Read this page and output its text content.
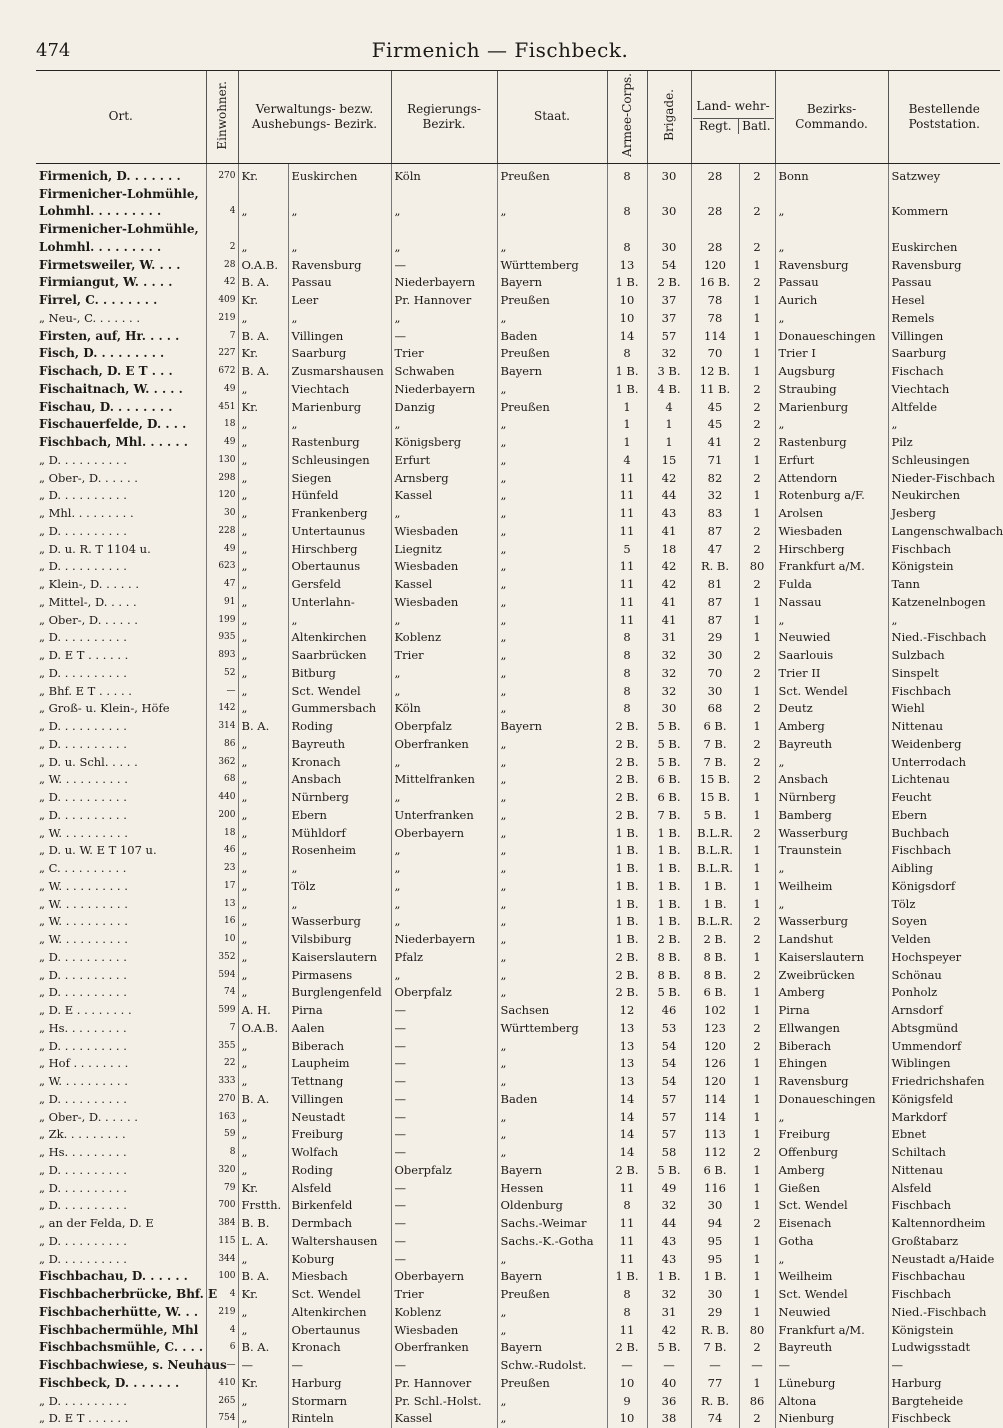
474	Firmenich — Fischbeck.
Ort.	Einwohner.	Verwaltungs- bezw. Aushebungs- Bezirk.		Regierungs- Bezirk.	Staat.	Armee-Corps.	Brigade.	Land- wehr-
Regt. Batl.		Bezirks- Commando.	Bestellende Poststation.
Firmenich, D. . . . . . .	270	Kr.	Euskirchen	Köln	Preußen	8	30	28	2	Bonn	Satzwey
Firmenicher-Lohmühle,											
Lohmhl. . . . . . . . .	4	„	„	„	„	8	30	28	2	„	Kommern
Firmenicher-Lohmühle,											
Lohmhl. . . . . . . . .	2	„	„	„	„	8	30	28	2	„	Euskirchen
Firmetsweiler, W. . . .	28	O.A.B.	Ravensburg	—	Württemberg	13	54	120	1	Ravensburg	Ravensburg
Firmiangut, W. . . . .	42	B. A.	Passau	Niederbayern	Bayern	1 B.	2 B.	16 B.	2	Passau	Passau
Firrel, C. . . . . . . .	409	Kr.	Leer	Pr. Hannover	Preußen	10	37	78	1	Aurich	Hesel
„ Neu-, C. . . . . . .	219	„	„	„	„	10	37	78	1	„	Remels
Firsten, auf, Hr. . . . .	7	B. A.	Villingen	—	Baden	14	57	114	1	Donaueschingen	Villingen
Fisch, D. . . . . . . . .	227	Kr.	Saarburg	Trier	Preußen	8	32	70	1	Trier I	Saarburg
Fischach, D. E T . . .	672	B. A.	Zusmarshausen	Schwaben	Bayern	1 B.	3 B.	12 B.	1	Augsburg	Fischach
Fischaitnach, W. . . . .	49	„	Viechtach	Niederbayern	„	1 B.	4 B.	11 B.	2	Straubing	Viechtach
Fischau, D. . . . . . . .	451	Kr.	Marienburg	Danzig	Preußen	1	4	45	2	Marienburg	Altfelde
Fischauerfelde, D. . . .	18	„	„	„	„	1	1	45	2	„	„
Fischbach, Mhl. . . . . .	49	„	Rastenburg	Königsberg	„	1	1	41	2	Rastenburg	Pilz
„ D. . . . . . . . . .	130	„	Schleusingen	Erfurt	„	4	15	71	1	Erfurt	Schleusingen
„ Ober-, D. . . . . .	298	„	Siegen	Arnsberg	„	11	42	82	2	Attendorn	Nieder-Fischbach
„ D. . . . . . . . . .	120	„	Hünfeld	Kassel	„	11	44	32	1	Rotenburg a/F.	Neukirchen
„ Mhl. . . . . . . . .	30	„	Frankenberg	„	„	11	43	83	1	Arolsen	Jesberg
„ D. . . . . . . . . .	228	„	Untertaunus	Wiesbaden	„	11	41	87	2	Wiesbaden	Langenschwalbach
„ D. u. R. T 1104 u.	49	„	Hirschberg	Liegnitz	„	5	18	47	2	Hirschberg	Fischbach
„ D. . . . . . . . . .	623	„	Obertaunus	Wiesbaden	„	11	42	R. B.	80	Frankfurt a/M.	Königstein
„ Klein-, D. . . . . .	47	„	Gersfeld	Kassel	„	11	42	81	2	Fulda	Tann
„ Mittel-, D. . . . .	91	„	Unterlahn-	Wiesbaden	„	11	41	87	1	Nassau	Katzenelnbogen
„ Ober-, D. . . . . .	199	„	„	„	„	11	41	87	1	„	„
„ D. . . . . . . . . .	935	„	Altenkirchen	Koblenz	„	8	31	29	1	Neuwied	Nied.-Fischbach
„ D. E T . . . . . .	893	„	Saarbrücken	Trier	„	8	32	30	2	Saarlouis	Sulzbach
„ D. . . . . . . . . .	52	„	Bitburg	„	„	8	32	70	2	Trier II	Sinspelt
„ Bhf. E T . . . . .	—	„	Sct. Wendel	„	„	8	32	30	1	Sct. Wendel	Fischbach
„ Groß- u. Klein-, Höfe	142	„	Gummersbach	Köln	„	8	30	68	2	Deutz	Wiehl
„ D. . . . . . . . . .	314	B. A.	Roding	Oberpfalz	Bayern	2 B.	5 B.	6 B.	1	Amberg	Nittenau
„ D. . . . . . . . . .	86	„	Bayreuth	Oberfranken	„	2 B.	5 B.	7 B.	2	Bayreuth	Weidenberg
„ D. u. Schl. . . . .	362	„	Kronach	„	„	2 B.	5 B.	7 B.	2	„	Unterrodach
„ W. . . . . . . . . .	68	„	Ansbach	Mittelfranken	„	2 B.	6 B.	15 B.	2	Ansbach	Lichtenau
„ D. . . . . . . . . .	440	„	Nürnberg	„	„	2 B.	6 B.	15 B.	1	Nürnberg	Feucht
„ D. . . . . . . . . .	200	„	Ebern	Unterfranken	„	2 B.	7 B.	5 B.	1	Bamberg	Ebern
„ W. . . . . . . . . .	18	„	Mühldorf	Oberbayern	„	1 B.	1 B.	B.L.R.	2	Wasserburg	Buchbach
„ D. u. W. E T 107 u.	46	„	Rosenheim	„	„	1 B.	1 B.	B.L.R.	1	Traunstein	Fischbach
„ C. . . . . . . . . .	23	„	„	„	„	1 B.	1 B.	B.L.R.	1	„	Aibling
„ W. . . . . . . . . .	17	„	Tölz	„	„	1 B.	1 B.	1 B.	1	Weilheim	Königsdorf
„ W. . . . . . . . . .	13	„	„	„	„	1 B.	1 B.	1 B.	1	„	Tölz
„ W. . . . . . . . . .	16	„	Wasserburg	„	„	1 B.	1 B.	B.L.R.	2	Wasserburg	Soyen
„ W. . . . . . . . . .	10	„	Vilsbiburg	Niederbayern	„	1 B.	2 B.	2 B.	2	Landshut	Velden
„ D. . . . . . . . . .	352	„	Kaiserslautern	Pfalz	„	2 B.	8 B.	8 B.	1	Kaiserslautern	Hochspeyer
„ D. . . . . . . . . .	594	„	Pirmasens	„	„	2 B.	8 B.	8 B.	2	Zweibrücken	Schönau
„ D. . . . . . . . . .	74	„	Burglengenfeld	Oberpfalz	„	2 B.	5 B.	6 B.	1	Amberg	Ponholz
„ D. E . . . . . . . .	599	A. H.	Pirna	—	Sachsen	12	46	102	1	Pirna	Arnsdorf
„ Hs. . . . . . . . .	7	O.A.B.	Aalen	—	Württemberg	13	53	123	2	Ellwangen	Abtsgmünd
„ D. . . . . . . . . .	355	„	Biberach	—	„	13	54	120	2	Biberach	Ummendorf
„ Hof . . . . . . . .	22	„	Laupheim	—	„	13	54	126	1	Ehingen	Wiblingen
„ W. . . . . . . . . .	333	„	Tettnang	—	„	13	54	120	1	Ravensburg	Friedrichshafen
„ D. . . . . . . . . .	270	B. A.	Villingen	—	Baden	14	57	114	1	Donaueschingen	Königsfeld
„ Ober-, D. . . . . .	163	„	Neustadt	—	„	14	57	114	1	„	Markdorf
„ Zk. . . . . . . . .	59	„	Freiburg	—	„	14	57	113	1	Freiburg	Ebnet
„ Hs. . . . . . . . .	8	„	Wolfach	—	„	14	58	112	2	Offenburg	Schiltach
„ D. . . . . . . . . .	320	„	Roding	Oberpfalz	Bayern	2 B.	5 B.	6 B.	1	Amberg	Nittenau
„ D. . . . . . . . . .	79	Kr.	Alsfeld	—	Hessen	11	49	116	1	Gießen	Alsfeld
„ D. . . . . . . . . .	700	Frstth.	Birkenfeld	—	Oldenburg	8	32	30	1	Sct. Wendel	Fischbach
„ an der Felda, D. E	384	B. B.	Dermbach	—	Sachs.-Weimar	11	44	94	2	Eisenach	Kaltennordheim
„ D. . . . . . . . . .	115	L. A.	Waltershausen	—	Sachs.-K.-Gotha	11	43	95	1	Gotha	Großtabarz
„ D. . . . . . . . . .	344	„	Koburg	—	„	11	43	95	1	„	Neustadt a/Haide
Fischbachau, D. . . . . .	100	B. A.	Miesbach	Oberbayern	Bayern	1 B.	1 B.	1 B.	1	Weilheim	Fischbachau
Fischbacherbrücke, Bhf. E	4	Kr.	Sct. Wendel	Trier	Preußen	8	32	30	1	Sct. Wendel	Fischbach
Fischbacherhütte, W. . .	219	„	Altenkirchen	Koblenz	„	8	31	29	1	Neuwied	Nied.-Fischbach
Fischbachermühle, Mhl	4	„	Obertaunus	Wiesbaden	„	11	42	R. B.	80	Frankfurt a/M.	Königstein
Fischbachsmühle, C. . . .	6	B. A.	Kronach	Oberfranken	Bayern	2 B.	5 B.	7 B.	2	Bayreuth	Ludwigsstadt
Fischbachwiese, s. Neuhaus	—	—	—	—	Schw.-Rudolst.	—	—	—	—	—	—
Fischbeck, D. . . . . . .	410	Kr.	Harburg	Pr. Hannover	Preußen	10	40	77	1	Lüneburg	Harburg
„ D. . . . . . . . . .	265	„	Stormarn	Pr. Schl.-Holst.	„	9	36	R. B.	86	Altona	Bargteheide
„ D. E T . . . . . .	754	„	Rinteln	Kassel	„	10	38	74	2	Nienburg	Fischbeck
